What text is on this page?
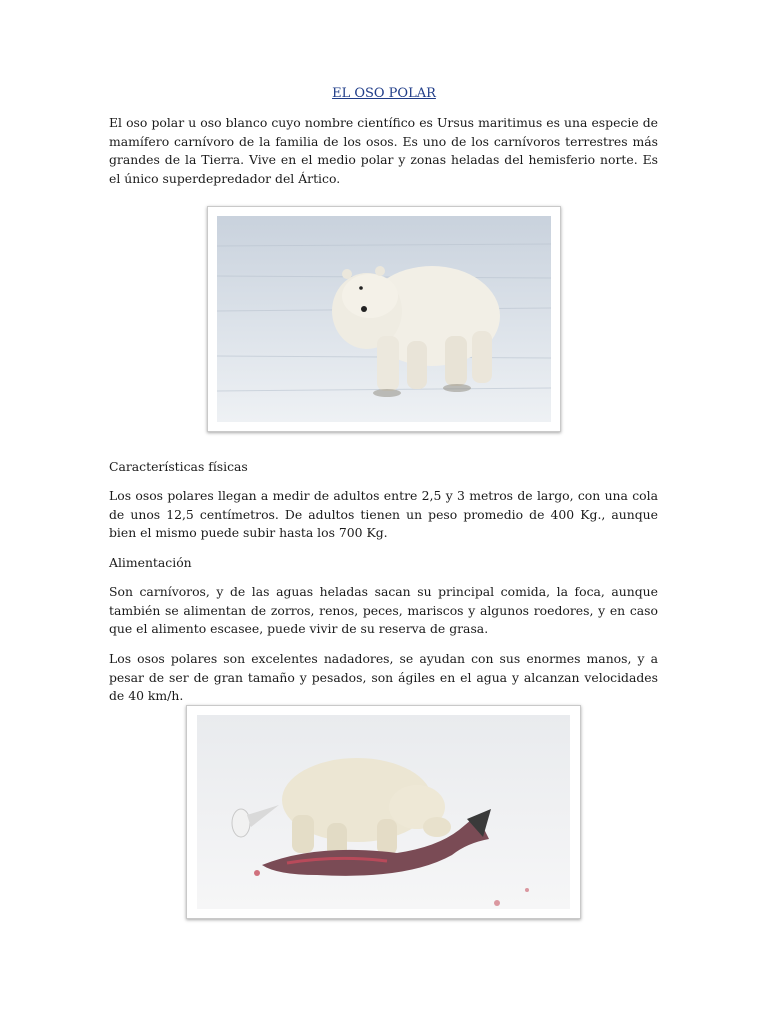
EL OSO POLAR

El oso polar u oso blanco cuyo nombre científico es Ursus maritimus es una especie de mamífero carnívoro de la familia de los osos. Es uno de los carnívoros terrestres más grandes de la Tierra. Vive en el medio polar y zonas heladas del hemisferio norte. Es el único superdepredador del Ártico.

Características físicas

Los osos polares llegan a medir de adultos entre 2,5 y 3 metros de largo, con una cola de unos 12,5 centímetros. De adultos tienen un peso promedio de 400 Kg., aunque bien el mismo puede subir hasta los 700 Kg.

Alimentación

Son carnívoros, y de las aguas heladas sacan su principal comida, la foca, aunque también se alimentan de zorros, renos, peces, mariscos y algunos roedores, y en caso que el alimento escasee, puede vivir de su reserva de grasa.

Los osos polares son excelentes nadadores, se ayudan con sus enormes manos, y a pesar de ser de gran tamaño y pesados, son ágiles en el agua y alcanzan velocidades de 40 km/h.
